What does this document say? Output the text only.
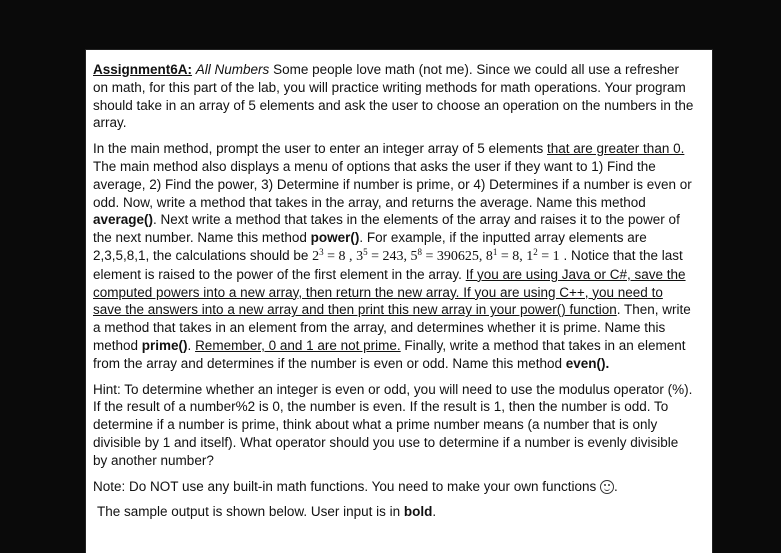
Assignment6A: All Numbers Some people love math (not me). Since we could all use a refresher on math, for this part of the lab, you will practice writing methods for math operations. Your program should take in an array of 5 elements and ask the user to choose an operation on the numbers in the array.

In the main method, prompt the user to enter an integer array of 5 elements that are greater than 0. The main method also displays a menu of options that asks the user if they want to 1) Find the average, 2) Find the power, 3) Determine if number is prime, or 4) Determines if a number is even or odd. Now, write a method that takes in the array, and returns the average. Name this method average(). Next write a method that takes in the elements of the array and raises it to the power of the next number. Name this method power(). For example, if the inputted array elements are 2,3,5,8,1, the calculations should be $2^3 = 8$ , $3^5 = 243$, $5^8 = 390625$, $8^1 = 8$, $1^2 = 1$ . Notice that the last element is raised to the power of the first element in the array. If you are using Java or C#, save the computed powers into a new array, then return the new array. If you are using C++, you need to save the answers into a new array and then print this new array in your power() function. Then, write a method that takes in an element from the array, and determines whether it is prime. Name this method prime(). Remember, 0 and 1 are not prime. Finally, write a method that takes in an element from the array and determines if the number is even or odd. Name this method even().

Hint: To determine whether an integer is even or odd, you will need to use the modulus operator (%). If the result of a number%2 is 0, the number is even. If the result is 1, then the number is odd. To determine if a number is prime, think about what a prime number means (a number that is only divisible by 1 and itself). What operator should you use to determine if a number is evenly divisible by another number?

Note: Do NOT use any built-in math functions. You need to make your own functions
.

The sample output is shown below. User input is in bold.
